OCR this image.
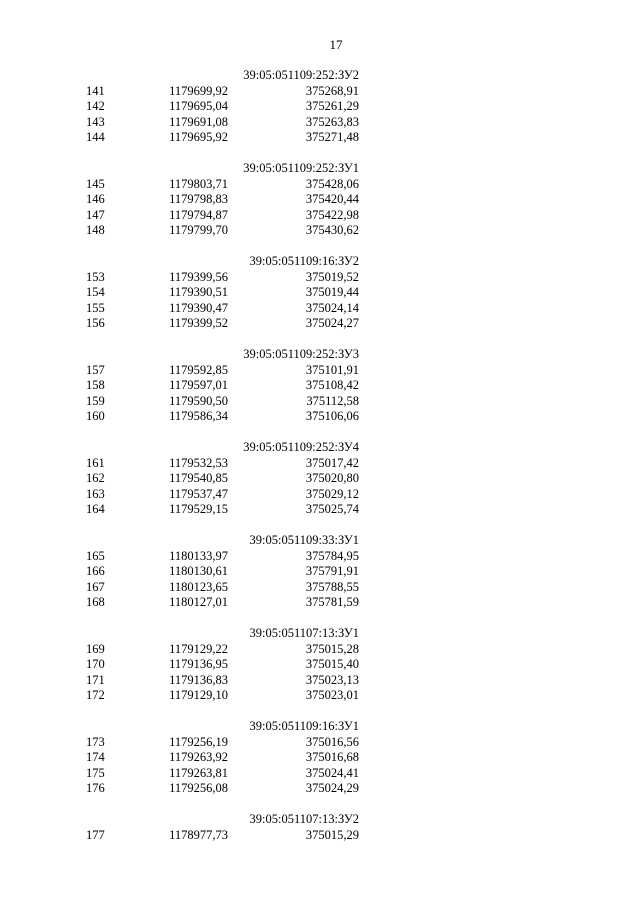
17
39:05:051109:252:ЗУ2
141	1179699,92	375268,91
142	1179695,04	375261,29
143	1179691,08	375263,83
144	1179695,92	375271,48
39:05:051109:252:ЗУ1
145	1179803,71	375428,06
146	1179798,83	375420,44
147	1179794,87	375422,98
148	1179799,70	375430,62
39:05:051109:16:ЗУ2
153	1179399,56	375019,52
154	1179390,51	375019,44
155	1179390,47	375024,14
156	1179399,52	375024,27
39:05:051109:252:ЗУ3
157	1179592,85	375101,91
158	1179597,01	375108,42
159	1179590,50	375112,58
160	1179586,34	375106,06
39:05:051109:252:ЗУ4
161	1179532,53	375017,42
162	1179540,85	375020,80
163	1179537,47	375029,12
164	1179529,15	375025,74
39:05:051109:33:ЗУ1
165	1180133,97	375784,95
166	1180130,61	375791,91
167	1180123,65	375788,55
168	1180127,01	375781,59
39:05:051107:13:ЗУ1
169	1179129,22	375015,28
170	1179136,95	375015,40
171	1179136,83	375023,13
172	1179129,10	375023,01
39:05:051109:16:ЗУ1
173	1179256,19	375016,56
174	1179263,92	375016,68
175	1179263,81	375024,41
176	1179256,08	375024,29
39:05:051107:13:ЗУ2
177	1178977,73	375015,29
